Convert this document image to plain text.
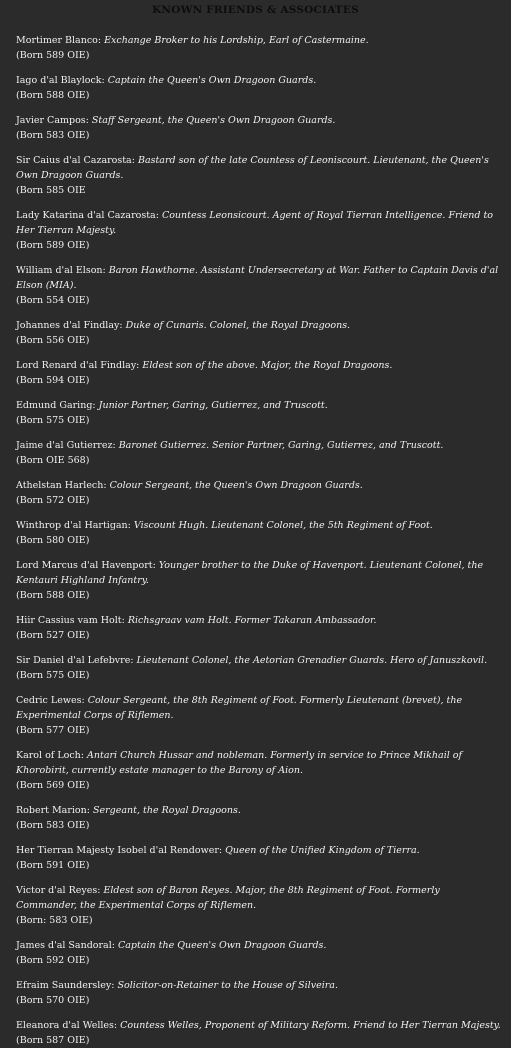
KNOWN FRIENDS & ASSOCIATES
Mortimer Blanco: Exchange Broker to his Lordship, Earl of Castermaine.
(Born 589 OIE)
Iago d'al Blaylock: Captain the Queen's Own Dragoon Guards.
(Born 588 OIE)
Javier Campos: Staff Sergeant, the Queen's Own Dragoon Guards.
(Born 583 OIE)
Sir Caius d'al Cazarosta: Bastard son of the late Countess of Leoniscourt. Lieutenant, the Queen's Own Dragoon Guards.
(Born 585 OIE
Lady Katarina d'al Cazarosta: Countess Leonsicourt. Agent of Royal Tierran Intelligence. Friend to Her Tierran Majesty.
(Born 589 OIE)
William d'al Elson: Baron Hawthorne. Assistant Undersecretary at War. Father to Captain Davis d'al Elson (MIA).
(Born 554 OIE)
Johannes d'al Findlay: Duke of Cunaris. Colonel, the Royal Dragoons.
(Born 556 OIE)
Lord Renard d'al Findlay: Eldest son of the above. Major, the Royal Dragoons.
(Born 594 OIE)
Edmund Garing: Junior Partner, Garing, Gutierrez, and Truscott.
(Born 575 OIE)
Jaime d'al Gutierrez: Baronet Gutierrez. Senior Partner, Garing, Gutierrez, and Truscott.
(Born OIE 568)
Athelstan Harlech: Colour Sergeant, the Queen's Own Dragoon Guards.
(Born 572 OIE)
Winthrop d'al Hartigan: Viscount Hugh. Lieutenant Colonel, the 5th Regiment of Foot.
(Born 580 OIE)
Lord Marcus d'al Havenport: Younger brother to the Duke of Havenport. Lieutenant Colonel, the Kentauri Highland Infantry.
(Born 588 OIE)
Hiir Cassius vam Holt: Richsgraav vam Holt. Former Takaran Ambassador.
(Born 527 OIE)
Sir Daniel d'al Lefebvre: Lieutenant Colonel, the Aetorian Grenadier Guards. Hero of Januszkovil.
(Born 575 OIE)
Cedric Lewes: Colour Sergeant, the 8th Regiment of Foot. Formerly Lieutenant (brevet), the Experimental Corps of Riflemen.
(Born 577 OIE)
Karol of Loch: Antari Church Hussar and nobleman. Formerly in service to Prince Mikhail of Khorobirit, currently estate manager to the Barony of Aion.
(Born 569 OIE)
Robert Marion: Sergeant, the Royal Dragoons.
(Born 583 OIE)
Her Tierran Majesty Isobel d'al Rendower: Queen of the Unified Kingdom of Tierra.
(Born 591 OIE)
Victor d'al Reyes: Eldest son of Baron Reyes. Major, the 8th Regiment of Foot. Formerly Commander, the Experimental Corps of Riflemen.
(Born: 583 OIE)
James d'al Sandoral: Captain the Queen's Own Dragoon Guards.
(Born 592 OIE)
Efraim Saundersley: Solicitor-on-Retainer to the House of Silveira.
(Born 570 OIE)
Eleanora d'al Welles: Countess Welles, Proponent of Military Reform. Friend to Her Tierran Majesty.
(Born 587 OIE)
